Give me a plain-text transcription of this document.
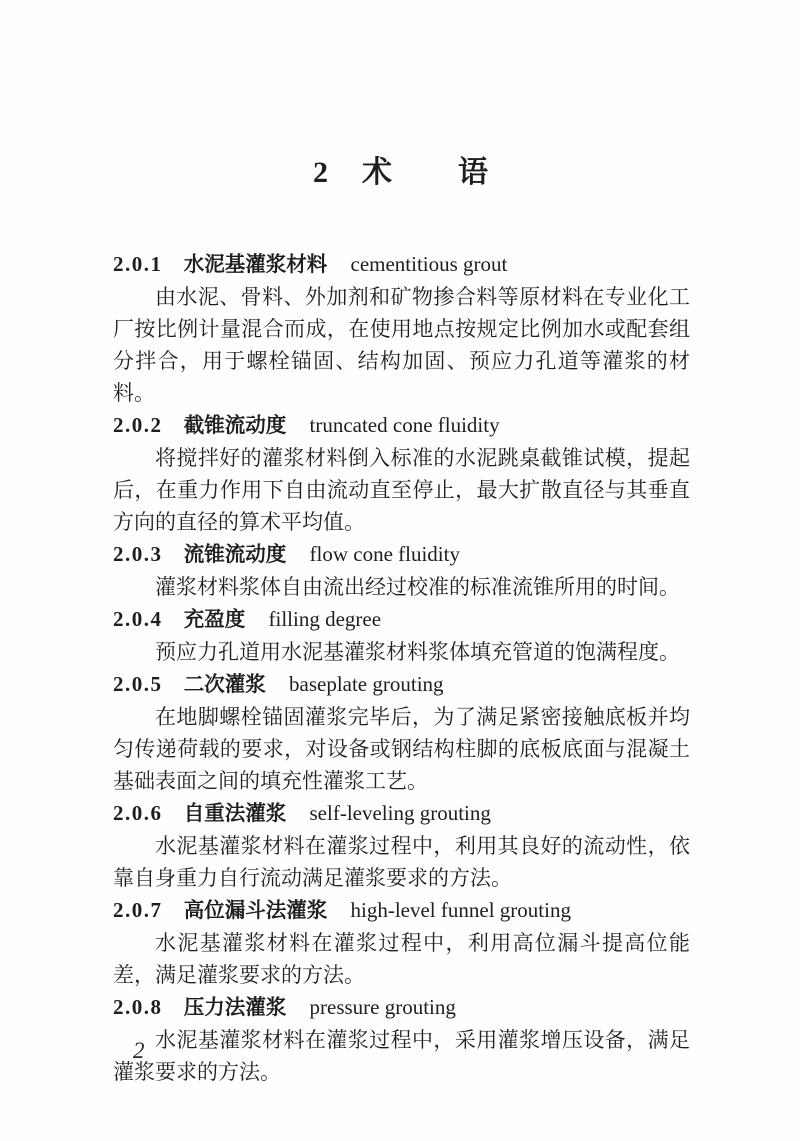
2　术　　语

2.0.1 水泥基灌浆材料 cementitious grout

由水泥、骨料、外加剂和矿物掺合料等原材料在专业化工厂按比例计量混合而成，在使用地点按规定比例加水或配套组分拌合，用于螺栓锚固、结构加固、预应力孔道等灌浆的材料。

2.0.2 截锥流动度 truncated cone fluidity

将搅拌好的灌浆材料倒入标准的水泥跳桌截锥试模，提起后，在重力作用下自由流动直至停止，最大扩散直径与其垂直方向的直径的算术平均值。

2.0.3 流锥流动度 flow cone fluidity

灌浆材料浆体自由流出经过校准的标准流锥所用的时间。

2.0.4 充盈度 filling degree

预应力孔道用水泥基灌浆材料浆体填充管道的饱满程度。

2.0.5 二次灌浆 baseplate grouting

在地脚螺栓锚固灌浆完毕后，为了满足紧密接触底板并均匀传递荷载的要求，对设备或钢结构柱脚的底板底面与混凝土基础表面之间的填充性灌浆工艺。

2.0.6 自重法灌浆 self-leveling grouting

水泥基灌浆材料在灌浆过程中，利用其良好的流动性，依靠自身重力自行流动满足灌浆要求的方法。

2.0.7 高位漏斗法灌浆 high-level funnel grouting

水泥基灌浆材料在灌浆过程中，利用高位漏斗提高位能差，满足灌浆要求的方法。

2.0.8 压力法灌浆 pressure grouting

水泥基灌浆材料在灌浆过程中，采用灌浆增压设备，满足灌浆要求的方法。

2
